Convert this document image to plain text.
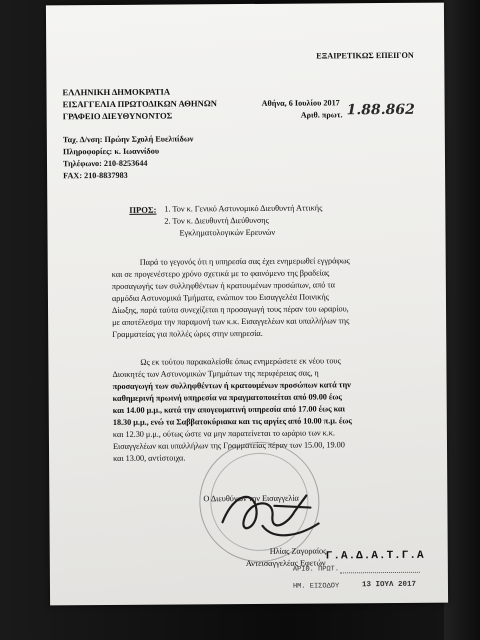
ΕΞΑΙΡΕΤΙΚΩΣ ΕΠΕΙΓΟΝ
ΕΛΛΗΝΙΚΗ ΔΗΜΟΚΡΑΤΙΑ
ΕΙΣΑΓΓΕΛΙΑ ΠΡΩΤΟΔΙΚΩΝ ΑΘΗΝΩΝ	Αθήνα, 6 Ιουλίου 2017
ΓΡΑΦΕΙΟ ΔΙΕΥΘΥΝΟΝΤΟΣ	Αριθ. πρωτ. 1.88.862
Ταχ. Δ/νση: Πρώην Σχολή Ευελπίδων
Πληροφορίες: κ. Ιωαννίδου
Τηλέφωνο: 210-8253644
FAX: 210-8837983
ΠΡΟΣ: 1. Τον κ. Γενικό Αστυνομικό Διευθυντή Αττικής
2. Τον κ. Διευθυντή Διεύθυνσης
Εγκληματολογικών Ερευνών
Παρά το γεγονός ότι η υπηρεσία σας έχει ενημερωθεί εγγράφως
και σε προγενέστερο χρόνο σχετικά με το φαινόμενο της βραδείας
προσαγωγής των συλληφθέντων ή κρατουμένων προσώπων, από τα
αρμόδια Αστυνομικά Τμήματα, ενώπιον του Εισαγγελέα Ποινικής
Δίωξης, παρά ταύτα συνεχίζεται η προσαγωγή τους πέραν του ωραρίου,
με αποτέλεσμα την παραμονή των κ.κ. Εισαγγελέων και υπαλλήλων της
Γραμματείας για πολλές ώρες στην υπηρεσία.
Ως εκ τούτου παρακαλείσθε όπως ενημερώσετε εκ νέου τους
Διοικητές των Αστυνομικών Τμημάτων της περιφέρειας σας, η
προσαγωγή των συλληφθέντων ή κρατουμένων προσώπων κατά την
καθημερινή πρωινή υπηρεσία να πραγματοποιείται από 09.00 έως
και 14.00 μ.μ., κατά την απογευματινή υπηρεσία από 17.00 έως και
18.30 μ.μ., ενώ τα Σαββατοκύριακα και τις αργίες από 10.00 π.μ. έως
και 12.30 μ.μ., ούτως ώστε να μην παρατείνεται το ωράριο των κ.κ.
Εισαγγελέων και υπαλλήλων της Γραμματείας πέραν των 15.00, 19.00
και 13.00, αντίστοιχα.
Ο Διευθύνων την Εισαγγελία
Ηλίας Ζαγοραίος
Αντεισαγγελέας Εφετών
Γ.Α.Δ.Α.Τ.Γ.Α
ΑΡΙΘ. ΠΡΩΤ.
ΗΜ. ΕΙΣΟΔΟΥ	13 ΙΟΥΛ 2017
